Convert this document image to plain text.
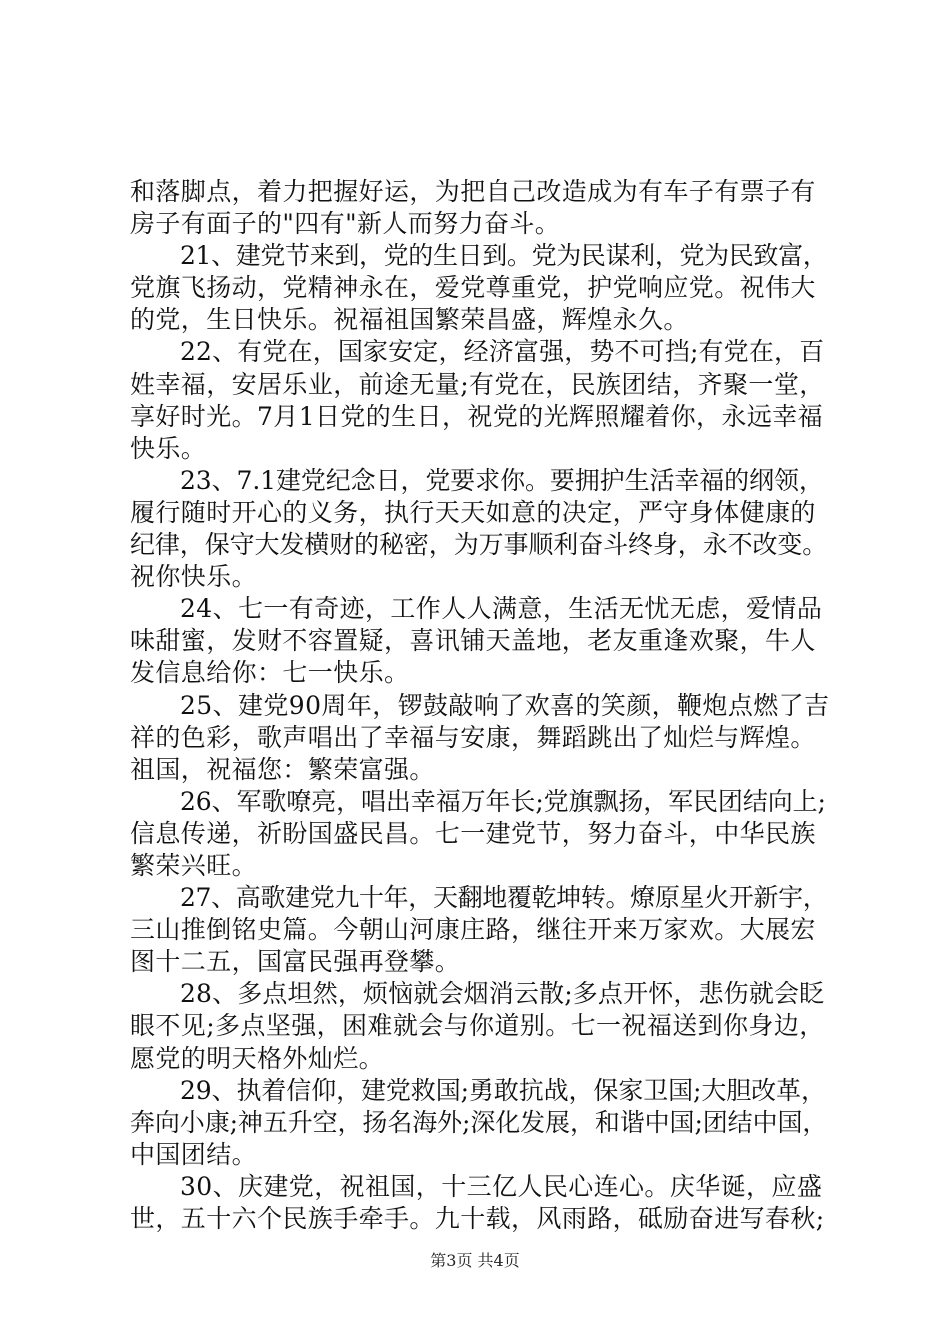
和落脚点，着力把握好运，为把自己改造成为有车子有票子有
房子有面子的"四有"新人而努力奋斗。
21、建党节来到，党的生日到。党为民谋利，党为民致富，
党旗飞扬动，党精神永在，爱党尊重党，护党响应党。祝伟大
的党，生日快乐。祝福祖国繁荣昌盛，辉煌永久。
22、有党在，国家安定，经济富强，势不可挡;有党在，百
姓幸福，安居乐业，前途无量;有党在，民族团结，齐聚一堂，
享好时光。7月1日党的生日，祝党的光辉照耀着你，永远幸福
快乐。
23、7.1建党纪念日，党要求你。要拥护生活幸福的纲领，
履行随时开心的义务，执行天天如意的决定，严守身体健康的
纪律，保守大发横财的秘密，为万事顺利奋斗终身，永不改变。
祝你快乐。
24、七一有奇迹，工作人人满意，生活无忧无虑，爱情品
味甜蜜，发财不容置疑，喜讯铺天盖地，老友重逢欢聚，牛人
发信息给你：七一快乐。
25、建党90周年，锣鼓敲响了欢喜的笑颜，鞭炮点燃了吉
祥的色彩，歌声唱出了幸福与安康，舞蹈跳出了灿烂与辉煌。
祖国，祝福您：繁荣富强。
26、军歌嘹亮，唱出幸福万年长;党旗飘扬，军民团结向上;
信息传递，祈盼国盛民昌。七一建党节，努力奋斗，中华民族
繁荣兴旺。
27、高歌建党九十年，天翻地覆乾坤转。燎原星火开新宇，
三山推倒铭史篇。今朝山河康庄路，继往开来万家欢。大展宏
图十二五，国富民强再登攀。
28、多点坦然，烦恼就会烟消云散;多点开怀，悲伤就会眨
眼不见;多点坚强，困难就会与你道别。七一祝福送到你身边，
愿党的明天格外灿烂。
29、执着信仰，建党救国;勇敢抗战，保家卫国;大胆改革，
奔向小康;神五升空，扬名海外;深化发展，和谐中国;团结中国，
中国团结。
30、庆建党，祝祖国，十三亿人民心连心。庆华诞，应盛
世，五十六个民族手牵手。九十载，风雨路，砥励奋进写春秋;
第3页 共4页
